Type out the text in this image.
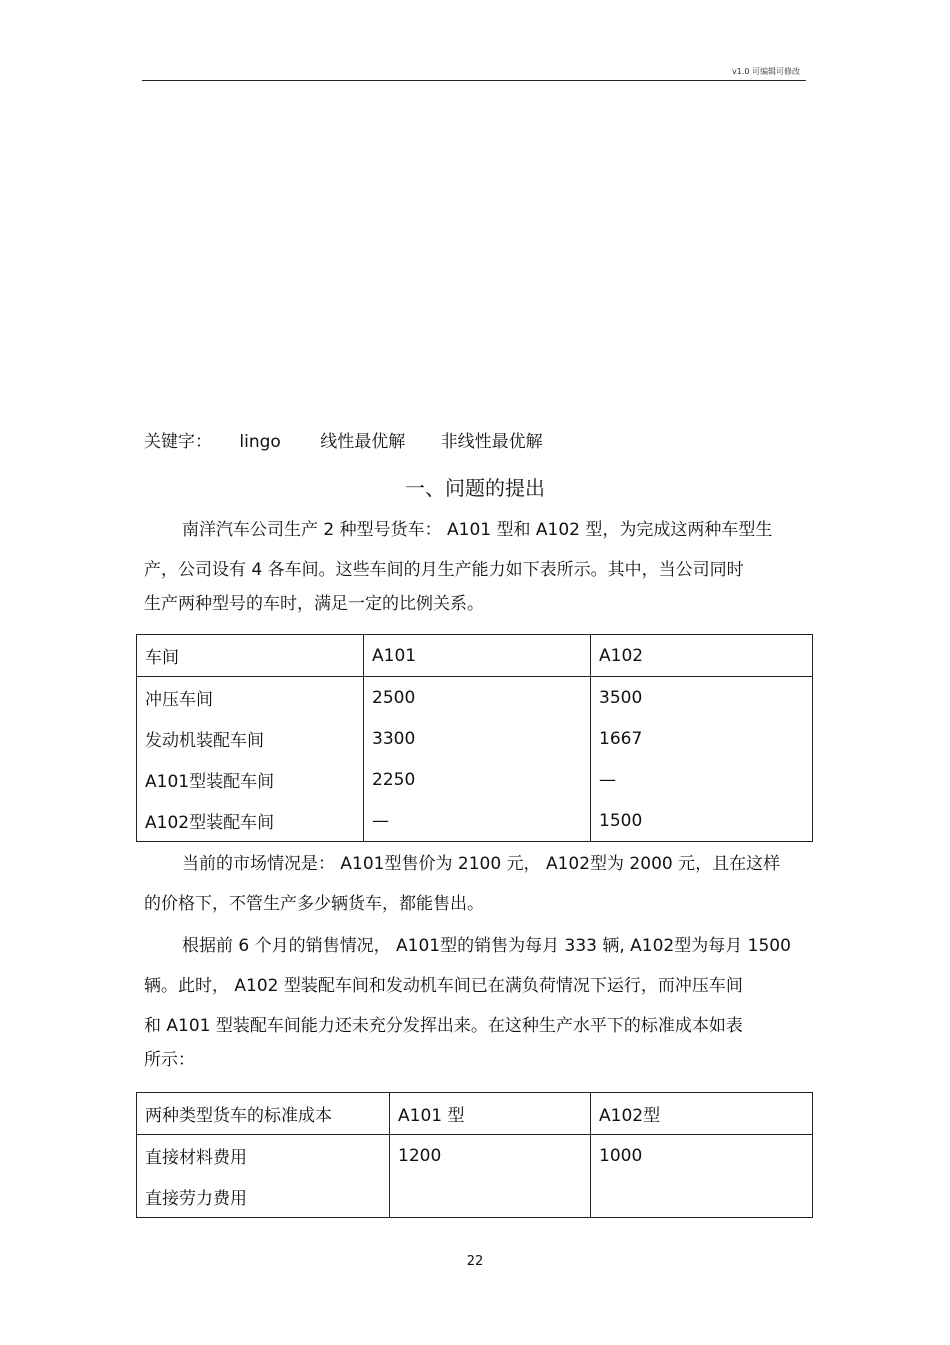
v1.0 可编辑可修改
关键字： lingo 线性最优解 非线性最优解
一、问题的提出
南洋汽车公司生产 2 种型号货车： A101 型和 A102 型，为完成这两种车型生
产，公司设有 4 各车间。这些车间的月生产能力如下表所示。其中，当公司同时
生产两种型号的车时，满足一定的比例关系。
车间	A101	A102
冲压车间	2500	3500
发动机装配车间	3300	1667
A101型装配车间	2250	—
A102型装配车间	—	1500
当前的市场情况是： A101型售价为 2100 元， A102型为 2000 元，且在这样
的价格下，不管生产多少辆货车，都能售出。
根据前 6 个月的销售情况， A101型的销售为每月 333 辆, A102型为每月 1500
辆。此时， A102 型装配车间和发动机车间已在满负荷情况下运行，而冲压车间
和 A101 型装配车间能力还未充分发挥出来。在这种生产水平下的标准成本如表
所示：
两种类型货车的标准成本	A101 型	A102型
直接材料费用	1200	1000
直接劳力费用		
22
